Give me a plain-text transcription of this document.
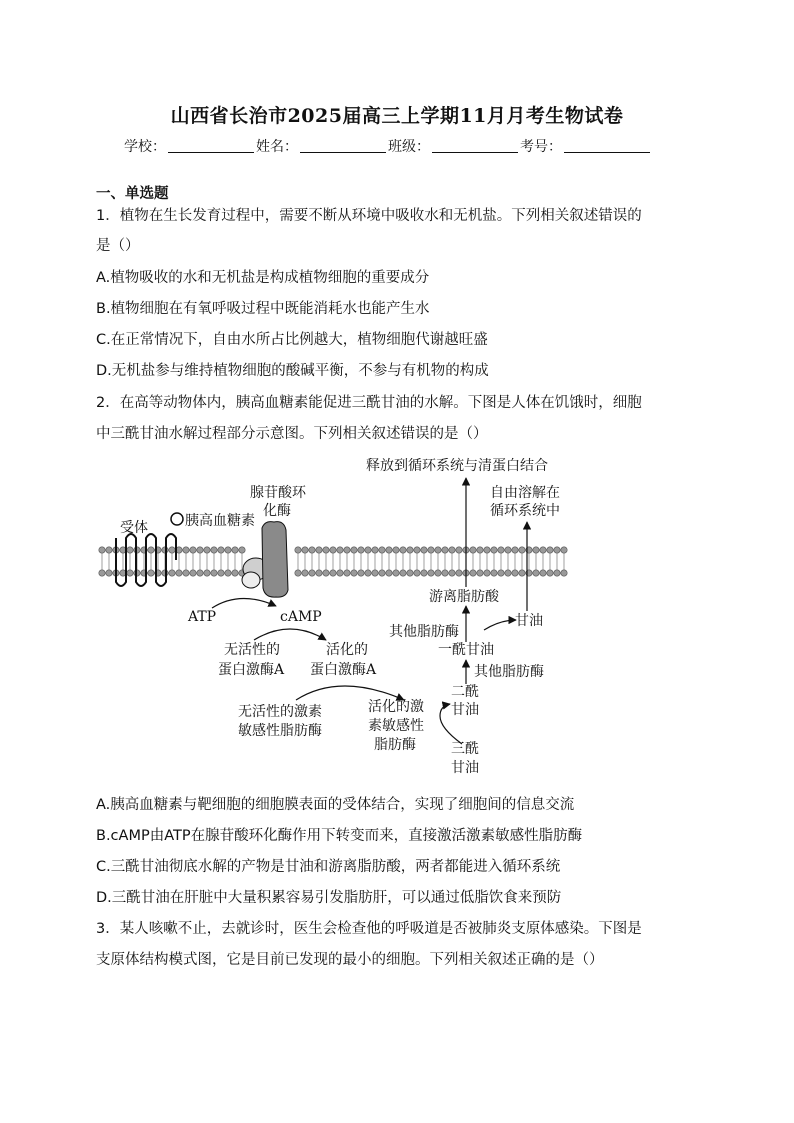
山西省长治市2025届高三上学期11月月考生物试卷
学校：	姓名：	班级：	考号：
一、单选题
1．植物在生长发育过程中，需要不断从环境中吸收水和无机盐。下列相关叙述错误的
是（）
A.植物吸收的水和无机盐是构成植物细胞的重要成分
B.植物细胞在有氧呼吸过程中既能消耗水也能产生水
C.在正常情况下，自由水所占比例越大，植物细胞代谢越旺盛
D.无机盐参与维持植物细胞的酸碱平衡，不参与有机物的构成
2．在高等动物体内，胰高血糖素能促进三酰甘油的水解。下图是人体在饥饿时，细胞
中三酰甘油水解过程部分示意图。下列相关叙述错误的是（）
释放到循环系统与清蛋白结合
腺苷酸环
化酶
受体	胰高血糖素
自由溶解在
循环系统中
ATP	cAMP
游离脂肪酸
甘油
其他脂肪酶
一酰甘油
其他脂肪酶
无活性的
蛋白激酶A
活化的
蛋白激酶A
二酰
甘油
无活性的激素
敏感性脂肪酶
活化的激
素敏感性
脂肪酶	三酰
甘油
A.胰高血糖素与靶细胞的细胞膜表面的受体结合，实现了细胞间的信息交流
B.cAMP由ATP在腺苷酸环化酶作用下转变而来，直接激活激素敏感性脂肪酶
C.三酰甘油彻底水解的产物是甘油和游离脂肪酸，两者都能进入循环系统
D.三酰甘油在肝脏中大量积累容易引发脂肪肝，可以通过低脂饮食来预防
3．某人咳嗽不止，去就诊时，医生会检查他的呼吸道是否被肺炎支原体感染。下图是
支原体结构模式图，它是目前已发现的最小的细胞。下列相关叙述正确的是（）
